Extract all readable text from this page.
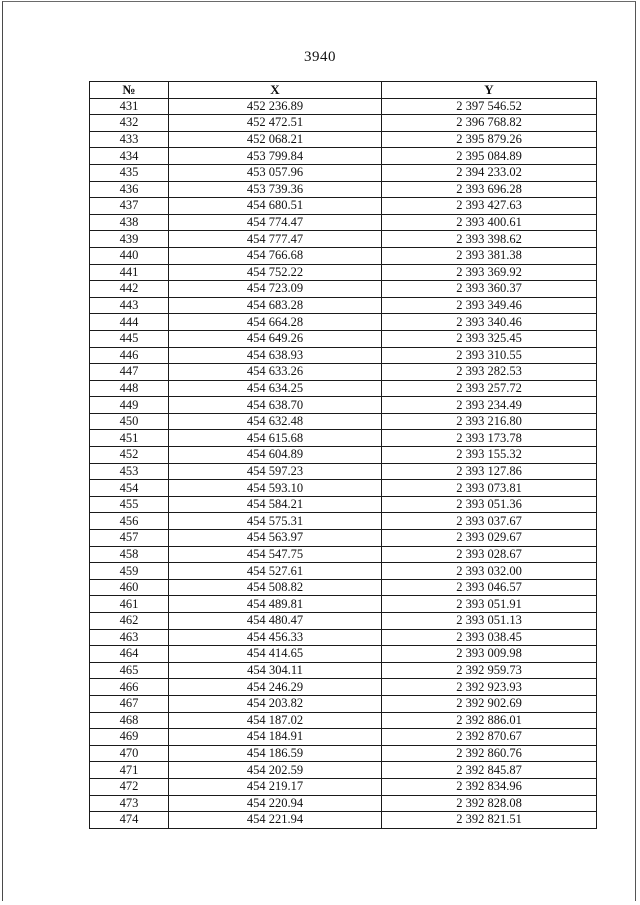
3940
№	X	Y
431	452 236.89	2 397 546.52
432	452 472.51	2 396 768.82
433	452 068.21	2 395 879.26
434	453 799.84	2 395 084.89
435	453 057.96	2 394 233.02
436	453 739.36	2 393 696.28
437	454 680.51	2 393 427.63
438	454 774.47	2 393 400.61
439	454 777.47	2 393 398.62
440	454 766.68	2 393 381.38
441	454 752.22	2 393 369.92
442	454 723.09	2 393 360.37
443	454 683.28	2 393 349.46
444	454 664.28	2 393 340.46
445	454 649.26	2 393 325.45
446	454 638.93	2 393 310.55
447	454 633.26	2 393 282.53
448	454 634.25	2 393 257.72
449	454 638.70	2 393 234.49
450	454 632.48	2 393 216.80
451	454 615.68	2 393 173.78
452	454 604.89	2 393 155.32
453	454 597.23	2 393 127.86
454	454 593.10	2 393 073.81
455	454 584.21	2 393 051.36
456	454 575.31	2 393 037.67
457	454 563.97	2 393 029.67
458	454 547.75	2 393 028.67
459	454 527.61	2 393 032.00
460	454 508.82	2 393 046.57
461	454 489.81	2 393 051.91
462	454 480.47	2 393 051.13
463	454 456.33	2 393 038.45
464	454 414.65	2 393 009.98
465	454 304.11	2 392 959.73
466	454 246.29	2 392 923.93
467	454 203.82	2 392 902.69
468	454 187.02	2 392 886.01
469	454 184.91	2 392 870.67
470	454 186.59	2 392 860.76
471	454 202.59	2 392 845.87
472	454 219.17	2 392 834.96
473	454 220.94	2 392 828.08
474	454 221.94	2 392 821.51
